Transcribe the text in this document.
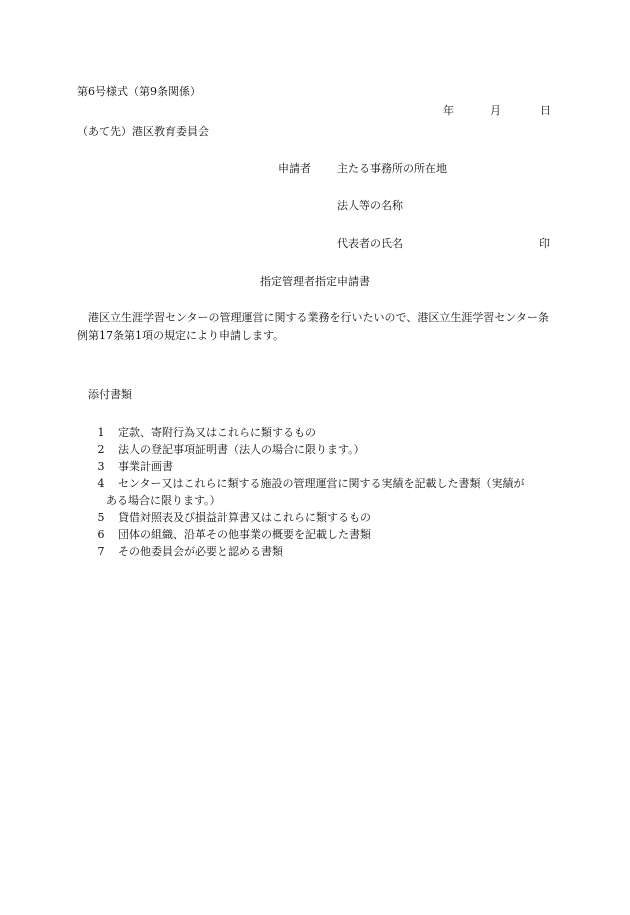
第6号様式（第9条関係）
年	月	日
（あて先）港区教育委員会
申請者 主たる事務所の所在地
法人等の名称
代表者の氏名	印
指定管理者指定申請書
港区立生涯学習センターの管理運営に関する業務を行いたいので、港区立生涯学習センター条例第17条第1項の規定により申請します。
添付書類
1 定款、寄附行為又はこれらに類するもの
2 法人の登記事項証明書（法人の場合に限ります。）
3 事業計画書
4 センター又はこれらに類する施設の管理運営に関する実績を記載した書類（実績が
ある場合に限ります。）
5 貸借対照表及び損益計算書又はこれらに類するもの
6 団体の組織、沿革その他事業の概要を記載した書類
7 その他委員会が必要と認める書類
